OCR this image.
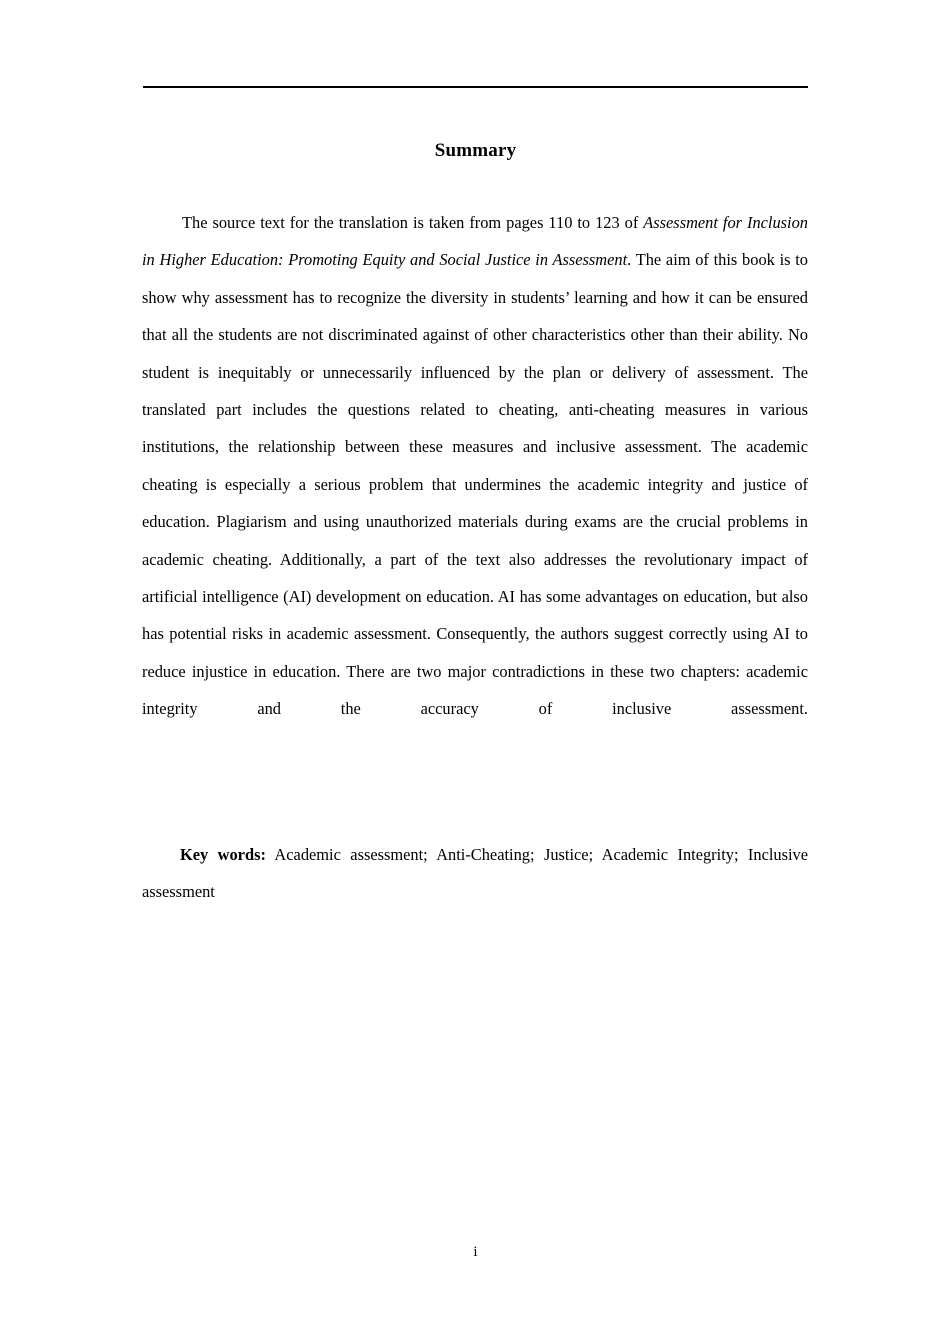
Summary

The source text for the translation is taken from pages 110 to 123 of Assessment for Inclusion in Higher Education: Promoting Equity and Social Justice in Assessment. The aim of this book is to show why assessment has to recognize the diversity in students’ learning and how it can be ensured that all the students are not discriminated against of other characteristics other than their ability. No student is inequitably or unnecessarily influenced by the plan or delivery of assessment. The translated part includes the questions related to cheating, anti-cheating measures in various institutions, the relationship between these measures and inclusive assessment. The academic cheating is especially a serious problem that undermines the academic integrity and justice of education. Plagiarism and using unauthorized materials during exams are the crucial problems in academic cheating. Additionally, a part of the text also addresses the revolutionary impact of artificial intelligence (AI) development on education. AI has some advantages on education, but also has potential risks in academic assessment. Consequently, the authors suggest correctly using AI to reduce injustice in education. There are two major contradictions in these two chapters: academic integrity and the accuracy of inclusive assessment.

Key words: Academic assessment; Anti-Cheating; Justice; Academic Integrity; Inclusive assessment

i
